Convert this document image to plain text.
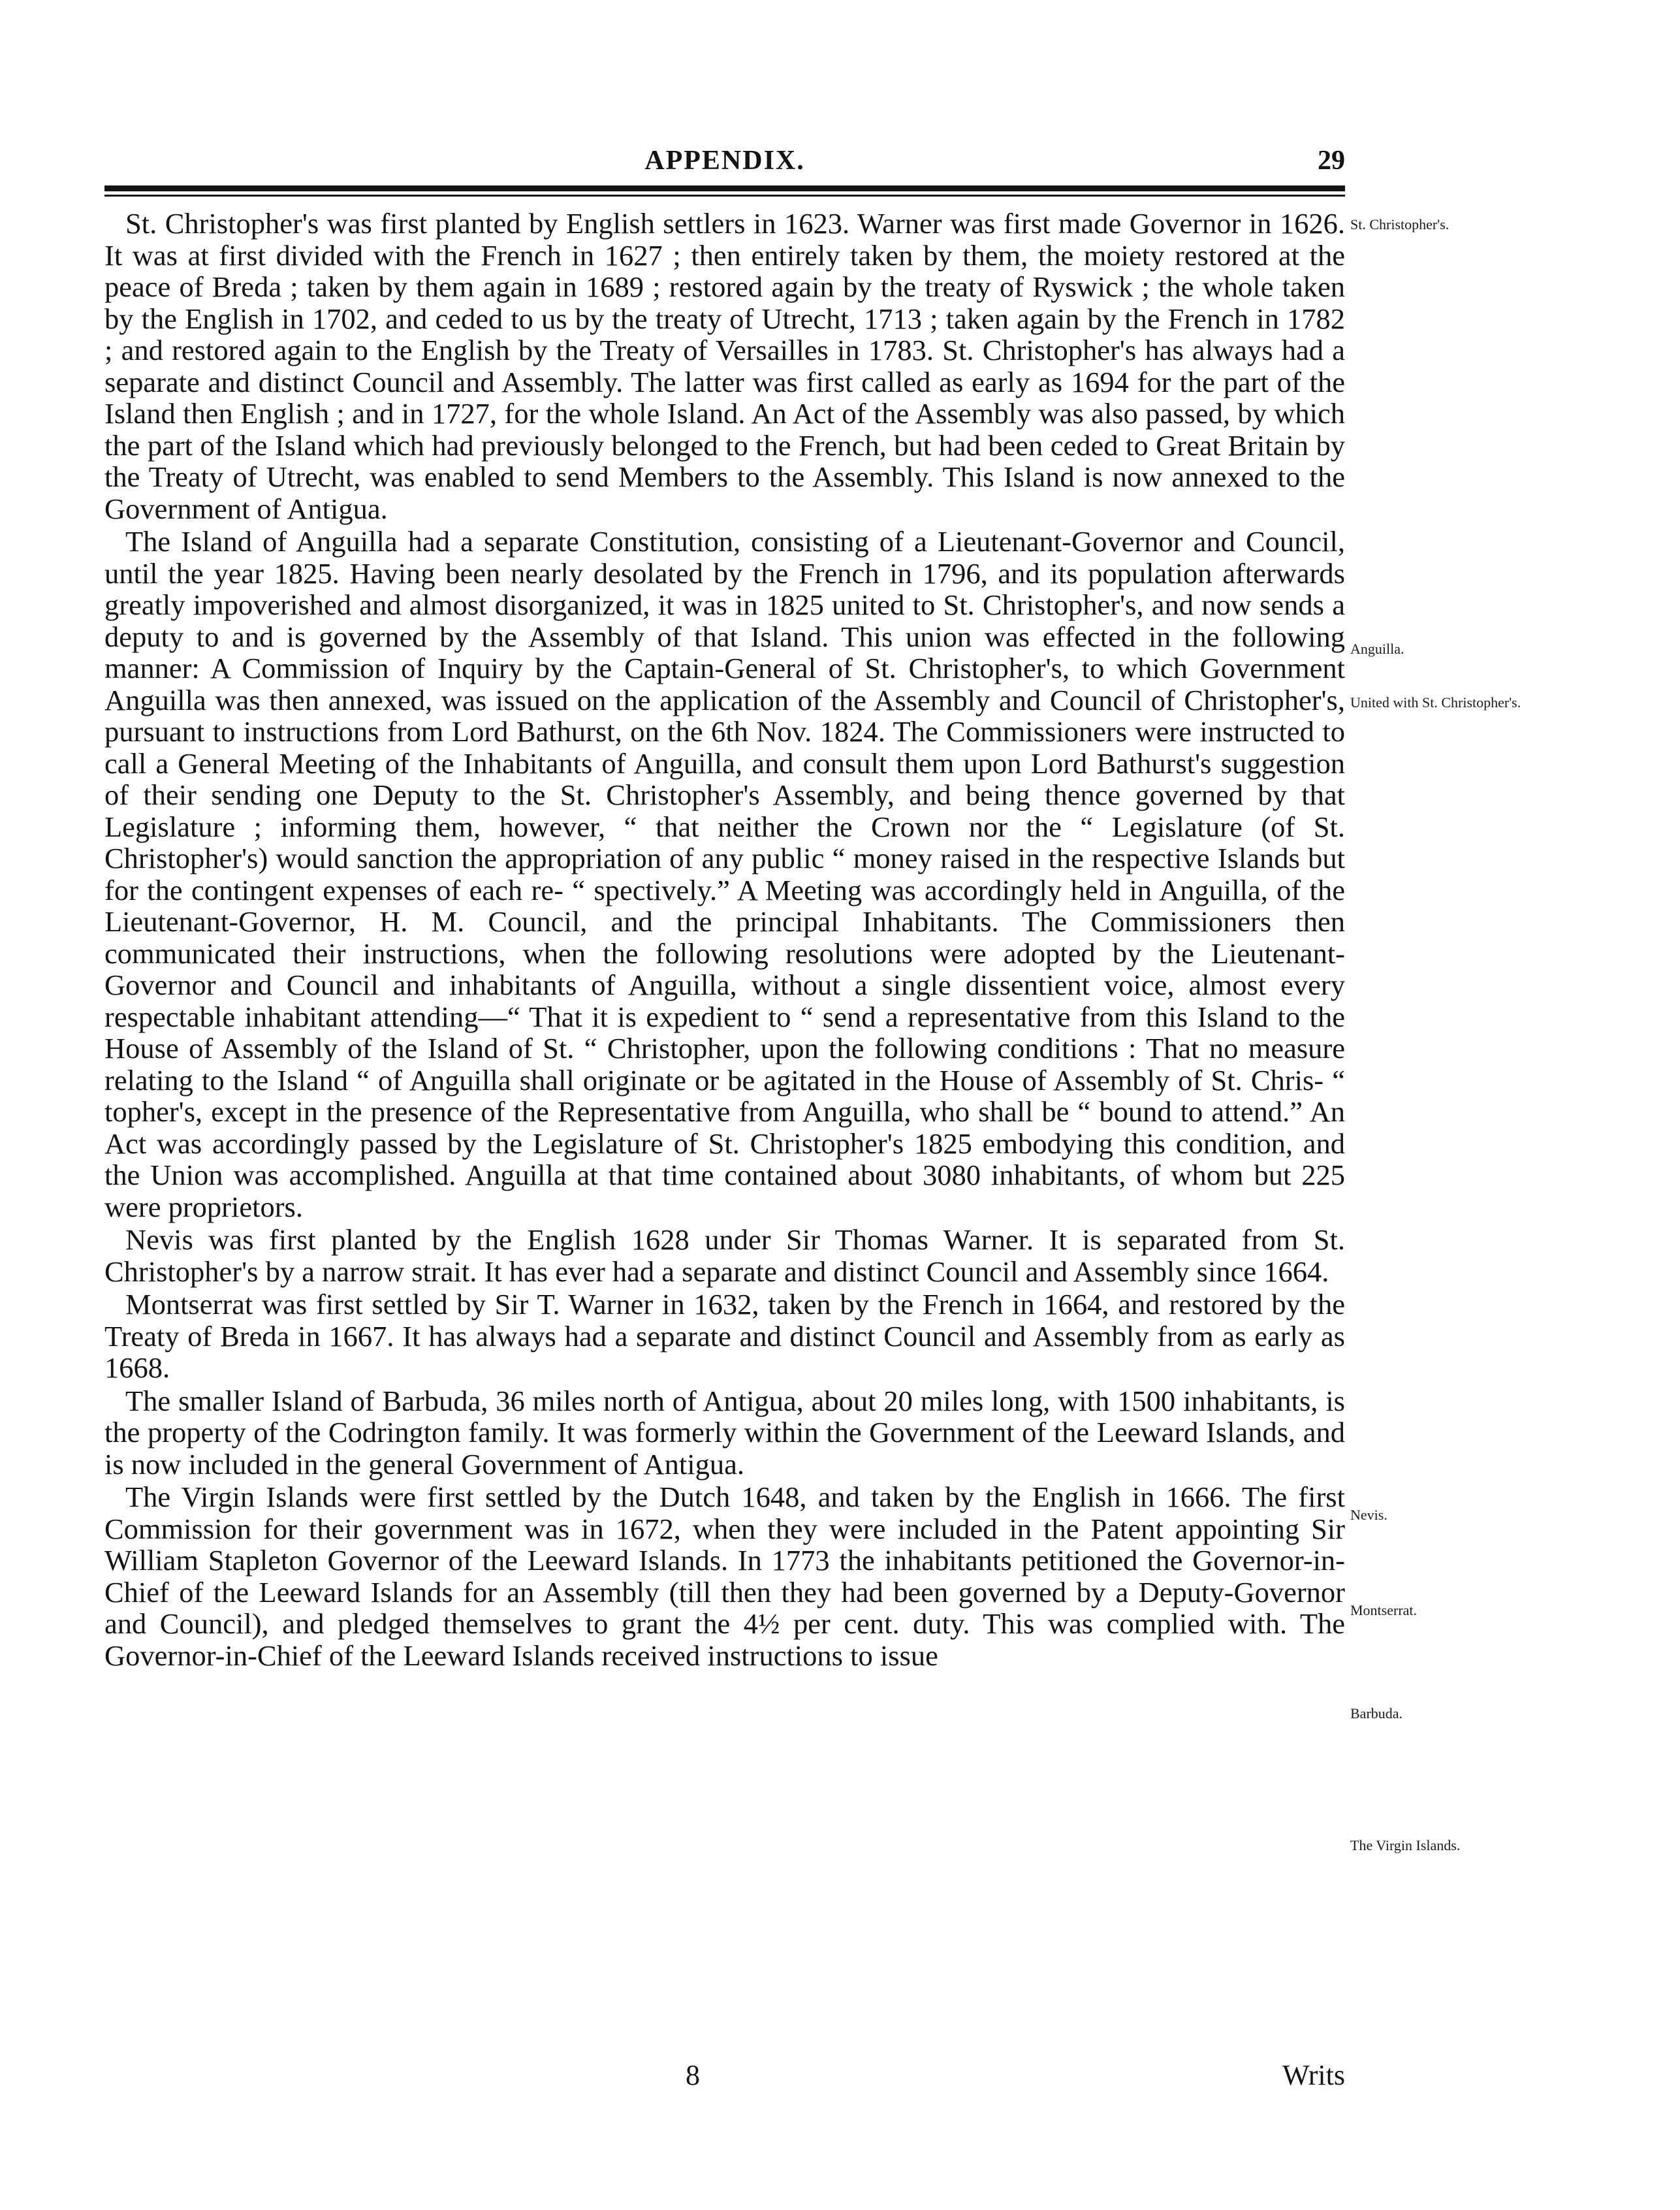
APPENDIX.	29

St. Christopher's was first planted by English settlers in 1623. Warner was first made Governor in 1626. It was at first divided with the French in 1627 ; then entirely taken by them, the moiety restored at the peace of Breda ; taken by them again in 1689 ; restored again by the treaty of Ryswick ; the whole taken by the English in 1702, and ceded to us by the treaty of Utrecht, 1713 ; taken again by the French in 1782 ; and restored again to the English by the Treaty of Versailles in 1783. St. Christopher's has always had a separate and distinct Council and Assembly. The latter was first called as early as 1694 for the part of the Island then English ; and in 1727, for the whole Island. An Act of the Assembly was also passed, by which the part of the Island which had previously belonged to the French, but had been ceded to Great Britain by the Treaty of Utrecht, was enabled to send Members to the Assembly. This Island is now annexed to the Government of Antigua.

The Island of Anguilla had a separate Constitution, consisting of a Lieutenant-Governor and Council, until the year 1825. Having been nearly desolated by the French in 1796, and its population afterwards greatly impoverished and almost disorganized, it was in 1825 united to St. Christopher's, and now sends a deputy to and is governed by the Assembly of that Island. This union was effected in the following manner: A Commission of Inquiry by the Captain-General of St. Christopher's, to which Government Anguilla was then annexed, was issued on the application of the Assembly and Council of Christopher's, pursuant to instructions from Lord Bathurst, on the 6th Nov. 1824. The Commissioners were instructed to call a General Meeting of the Inhabitants of Anguilla, and consult them upon Lord Bathurst's suggestion of their sending one Deputy to the St. Christopher's Assembly, and being thence governed by that Legislature ; informing them, however, “ that neither the Crown nor the “ Legislature (of St. Christopher's) would sanction the appropriation of any public “ money raised in the respective Islands but for the contingent expenses of each re- “ spectively.” A Meeting was accordingly held in Anguilla, of the Lieutenant-Governor, H. M. Council, and the principal Inhabitants. The Commissioners then communicated their instructions, when the following resolutions were adopted by the Lieutenant-Governor and Council and inhabitants of Anguilla, without a single dissentient voice, almost every respectable inhabitant attending—“ That it is expedient to “ send a representative from this Island to the House of Assembly of the Island of St. “ Christopher, upon the following conditions : That no measure relating to the Island “ of Anguilla shall originate or be agitated in the House of Assembly of St. Chris- “ topher's, except in the presence of the Representative from Anguilla, who shall be “ bound to attend.” An Act was accordingly passed by the Legislature of St. Christopher's 1825 embodying this condition, and the Union was accomplished. Anguilla at that time contained about 3080 inhabitants, of whom but 225 were proprietors.

Nevis was first planted by the English 1628 under Sir Thomas Warner. It is separated from St. Christopher's by a narrow strait. It has ever had a separate and distinct Council and Assembly since 1664.

Montserrat was first settled by Sir T. Warner in 1632, taken by the French in 1664, and restored by the Treaty of Breda in 1667. It has always had a separate and distinct Council and Assembly from as early as 1668.

The smaller Island of Barbuda, 36 miles north of Antigua, about 20 miles long, with 1500 inhabitants, is the property of the Codrington family. It was formerly within the Government of the Leeward Islands, and is now included in the general Government of Antigua.

The Virgin Islands were first settled by the Dutch 1648, and taken by the English in 1666. The first Commission for their government was in 1672, when they were included in the Patent appointing Sir William Stapleton Governor of the Leeward Islands. In 1773 the inhabitants petitioned the Governor-in-Chief of the Leeward Islands for an Assembly (till then they had been governed by a Deputy-Governor and Council), and pledged themselves to grant the 4½ per cent. duty. This was complied with. The Governor-in-Chief of the Leeward Islands received instructions to issue

St. Christopher's.
Anguilla.
United with St. Christopher's.
Nevis.
Montserrat.
Barbuda.
The Virgin Islands.
8	Writs
